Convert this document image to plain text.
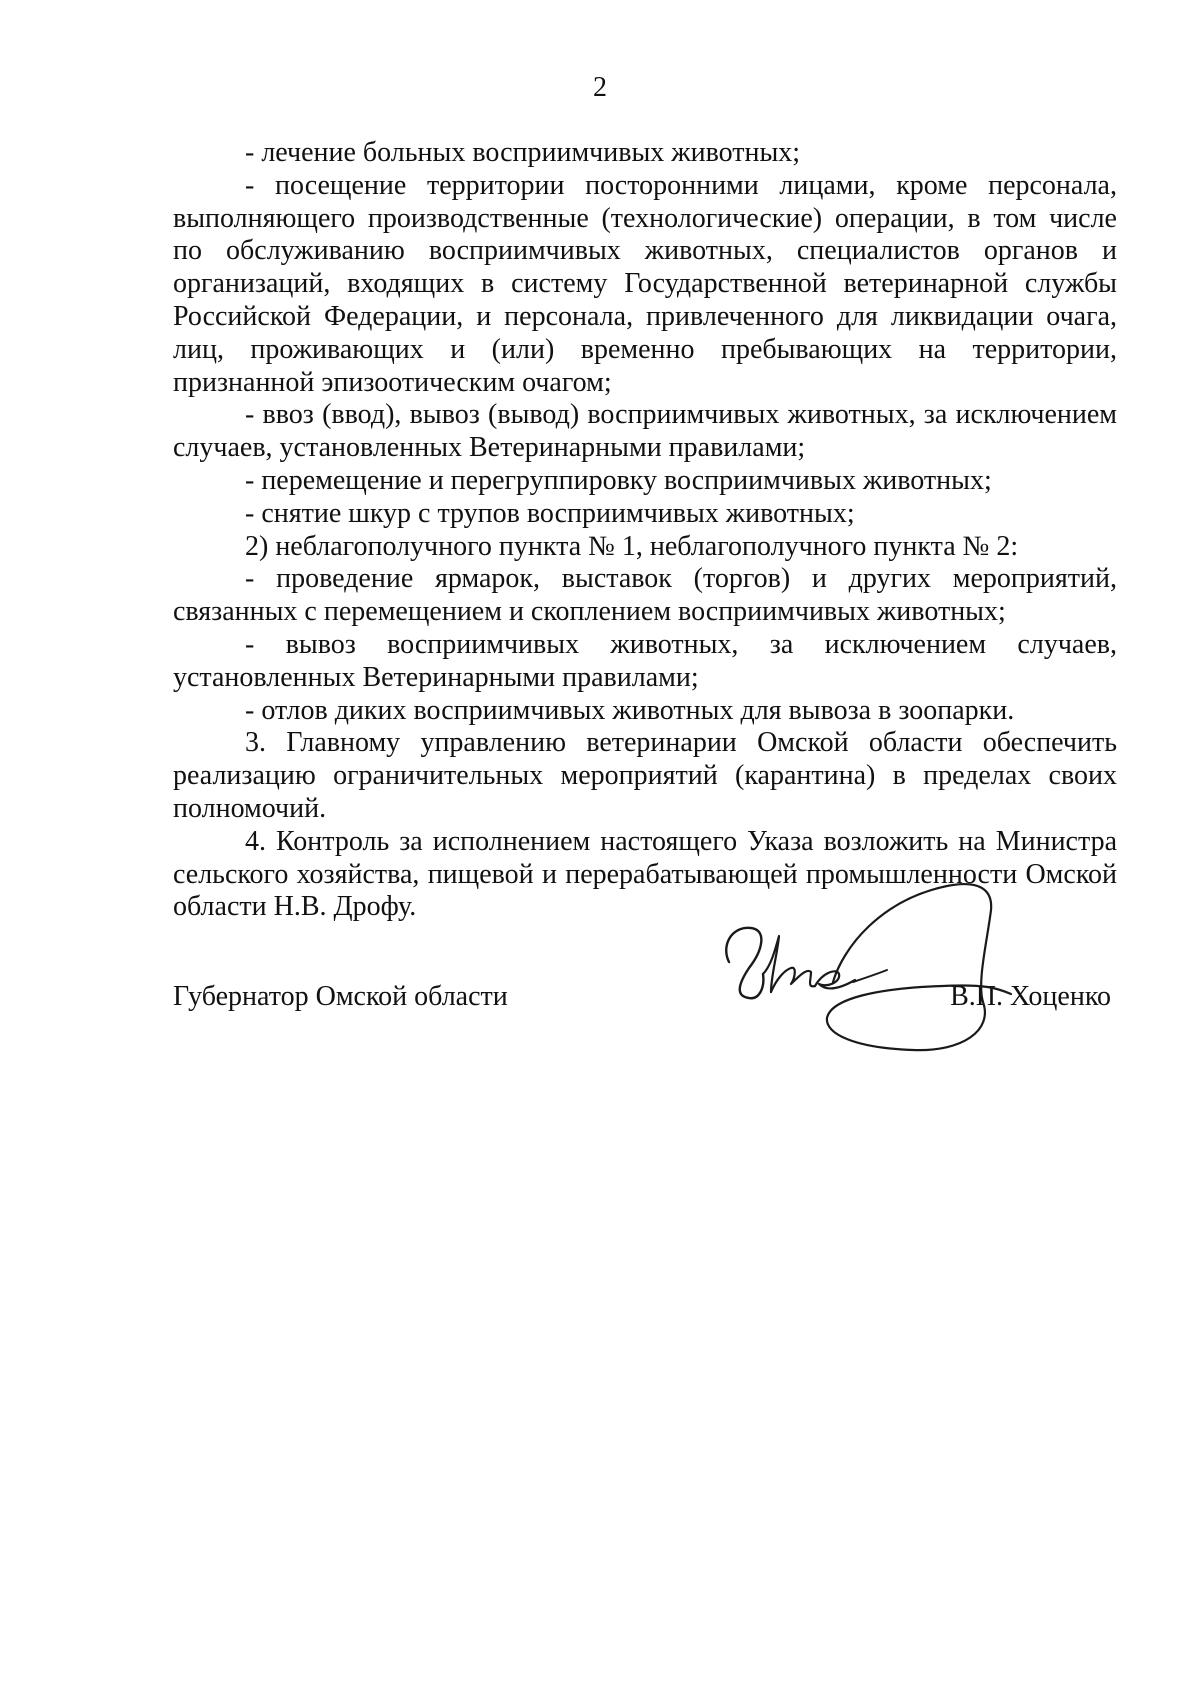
2

- лечение больных восприимчивых животных;

- посещение территории посторонними лицами, кроме персонала, выполняющего производственные (технологические) операции, в том числе по обслуживанию восприимчивых животных, специалистов органов и организаций, входящих в систему Государственной ветеринарной службы Российской Федерации, и персонала, привлеченного для ликвидации очага, лиц, проживающих и (или) временно пребывающих на территории, признанной эпизоотическим очагом;

- ввоз (ввод), вывоз (вывод) восприимчивых животных, за исключением случаев, установленных Ветеринарными правилами;

- перемещение и перегруппировку восприимчивых животных;

- снятие шкур с трупов восприимчивых животных;

2) неблагополучного пункта № 1, неблагополучного пункта № 2:

- проведение ярмарок, выставок (торгов) и других мероприятий, связанных с перемещением и скоплением восприимчивых животных;

- вывоз восприимчивых животных, за исключением случаев, установленных Ветеринарными правилами;

- отлов диких восприимчивых животных для вывоза в зоопарки.

3. Главному управлению ветеринарии Омской области обеспечить реализацию ограничительных мероприятий (карантина) в пределах своих полномочий.

4. Контроль за исполнением настоящего Указа возложить на Министра сельского хозяйства, пищевой и перерабатывающей промышленности Омской области Н.В. Дрофу.

Губернатор Омской области	В.П. Хоценко
